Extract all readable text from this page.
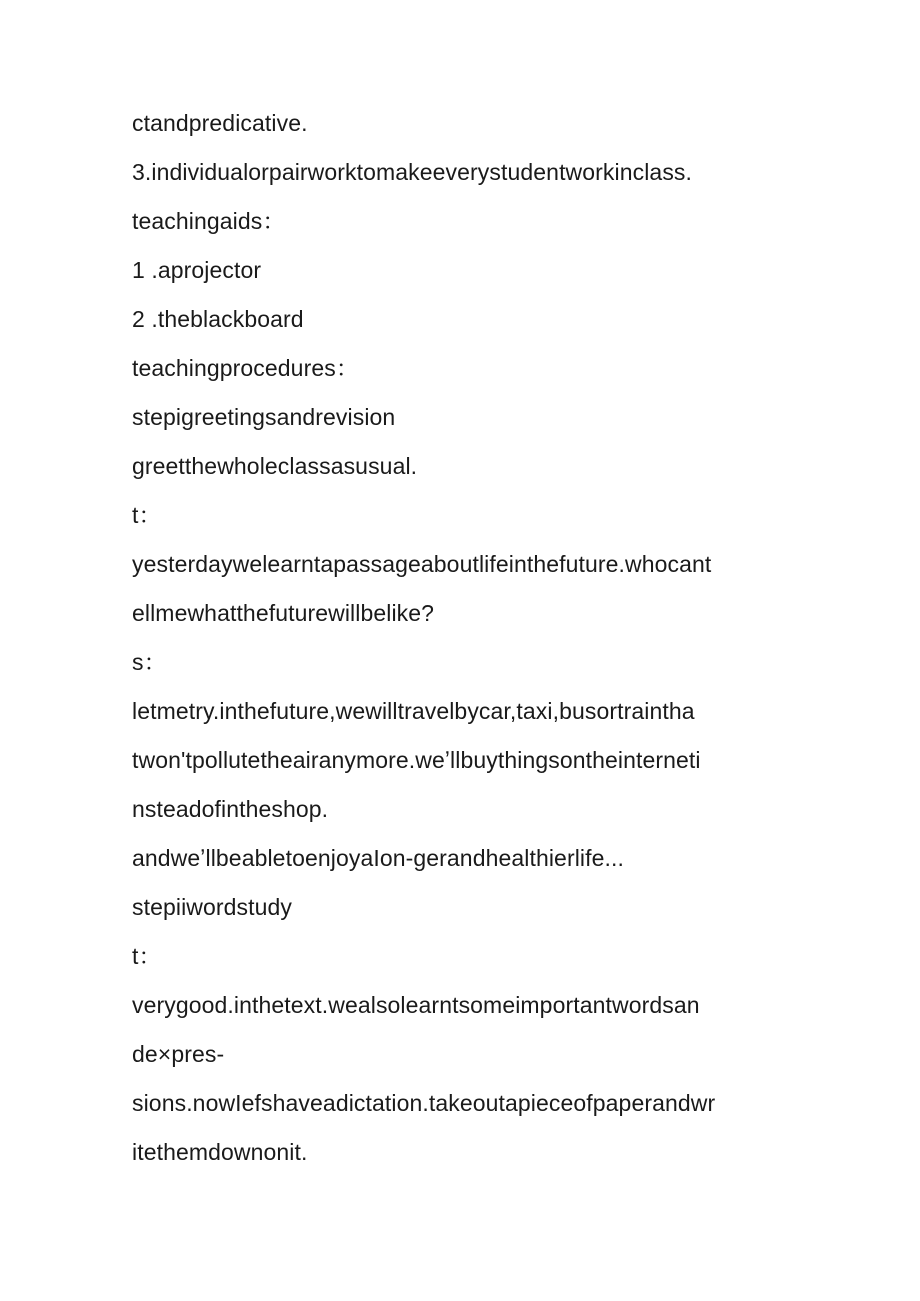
ctandpredicative.
3.individualorpairworktomakeeverystudentworkinclass.
teachingaids：
1 .aprojector
2 .theblackboard
teachingprocedures：
stepigreetingsandrevision
greetthewholeclassasusual.
t：
yesterdaywelearntapassageaboutlifeinthefuture.whocant
ellmewhatthefuturewillbelike?
s：
letmetry.inthefuture,wewilltravelbycar,taxi,busortraintha
twon'tpollutetheairanymore.weʼllbuythingsontheinterneti
nsteadofintheshop.
andweʼllbeabletoenjoyaIon-gerandhealthierlife...
stepiiwordstudy
t：
verygood.inthetext.wealsolearntsomeimportantwordsan
de×pres-
sions.nowIefshaveadictation.takeoutapieceofpaperandwr
itethemdownonit.
